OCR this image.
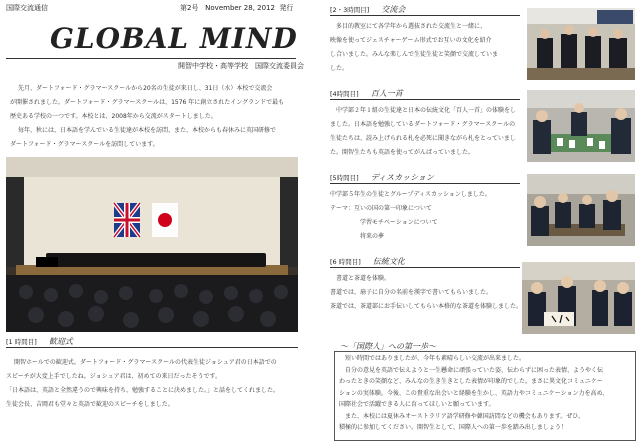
国際交流通信	第2号 November 28, 2012 発行
GLOBAL MIND
開智中学校・高等学校　国際交流委員会
先月、ダートフォード・グラマースクールから20名の生徒が来日し、31日（水）本校で交流会
が開催されました。ダートフォード・グラマースクールは、1576 年に創立されたイングランドで最も
歴史ある学校の一つです。本校とは、2008年から交流がスタートしました。
毎年、秋には、日本語を学んでいる生徒達が本校を訪問、また、本校からも春休みに英国研修で
ダートフォード・グラマースクールを訪問しています。
[1 時間目] 歓迎式
開智ホールでの歓迎式。ダートフォード・グラマースクールの代表生徒ジョシュア君の日本語での
スピーチが大変上手でしたね。ジョシュア君は、初めての来日だったそうです。
「日本語は、英語と全然違うので興味を持ち、勉強することに決めました。」と話をしてくれました。
生徒会長、吉岡君も堂々と英語で歓迎のスピーチをしました。
[2・3時間目] 交流会
多目的教室にて各学年から選抜された交流生と一緒に、
映像を使ってジェスチャーゲーム形式でお互いの文化を紹介
し合いました。みんな楽しんで生徒生徒と笑顔で交流していま
した。
[4時間目] 百人一首
中学部２年１組の生徒達と日本の伝統文化「百人一首」の体験をし
ました。日本語を勉強しているダートフォード・グラマースクールの
生徒たちは、読み上げられる札を必死に聞きながら札をとっていまし
た。開智生たちも英語を使ってがんばっていました。
[5時間目] ディスカッション
中学部５年生の生徒とグループディスカッションしました。
テーマ：互いの国の第一印象について
学習モチベーションについて
将来の夢
[6 時間目] 伝統文化
書道と茶道を体験。
書道では、扇子に自分の名前を漢字で書いてもらいました。
茶道では、茶道部にお手伝いしてもらい本格的な茶道を体験しました。
〜「国際人」への第一歩〜
短い時間ではありましたが、今年も素晴らしい交流が出来ました。
自分の意見を英語で伝えようと一生懸命に頑張っていた姿、伝わらずに困った表情、ようやく伝
わったときの笑顔など、みんなの生き生きとした表情が印象的でした。まさに異文化コミュニケー
ションの実体験。今後、この貴重な出会いと経験を生かし、英語力やコミュニケーション力を高め、
国際社会で活躍できる人に育ってほしいと願っています。
また、本校には夏休みオーストラリア語学研修や韓国訪問などの機会もあります。ぜひ、
積極的に参加してください。開智生として、国際人への第一歩を踏み出しましょう！
